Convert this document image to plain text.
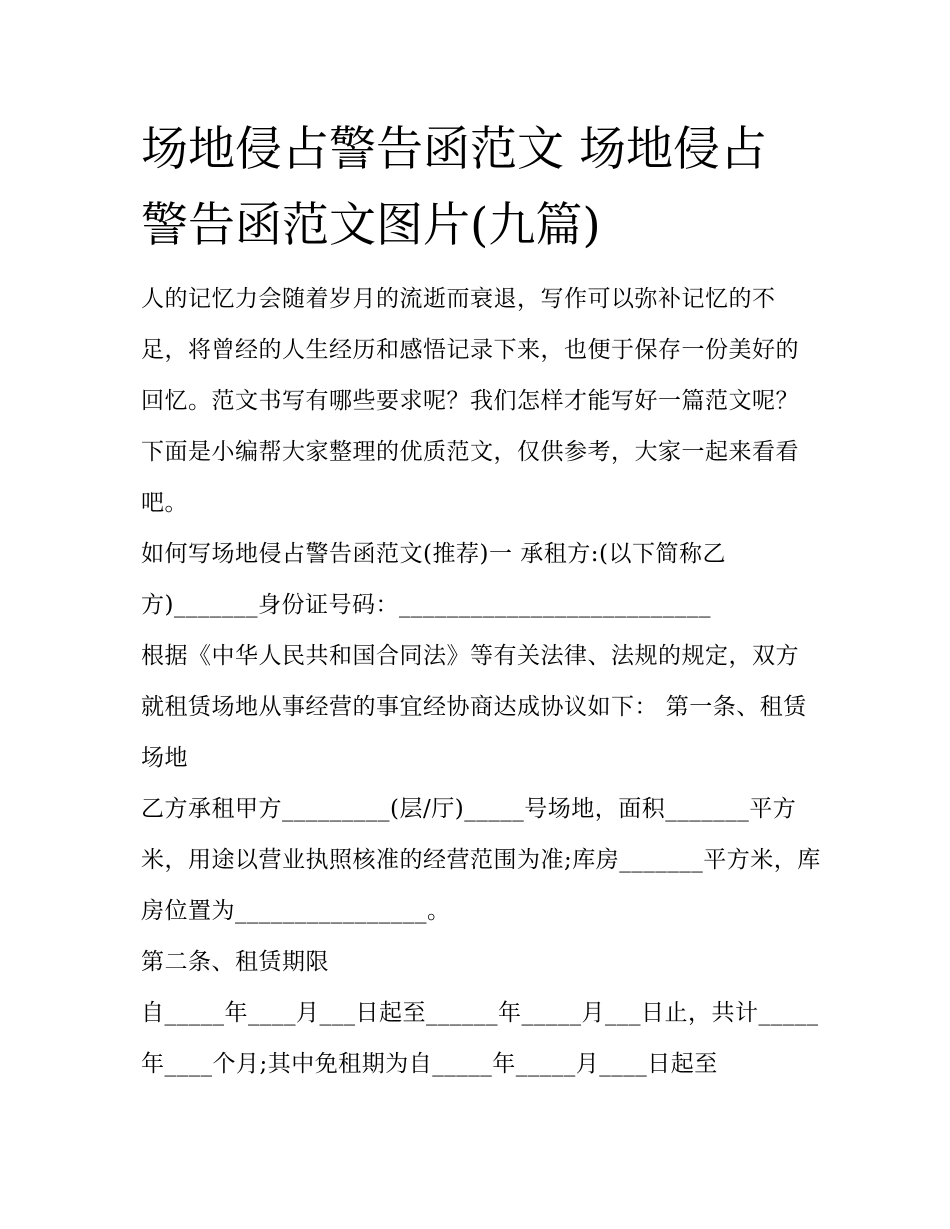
场地侵占警告函范文 场地侵占
警告函范文图片(九篇)

人的记忆力会随着岁月的流逝而衰退，写作可以弥补记忆的不足，将曾经的人生经历和感悟记录下来，也便于保存一份美好的回忆。范文书写有哪些要求呢？我们怎样才能写好一篇范文呢？下面是小编帮大家整理的优质范文，仅供参考，大家一起来看看吧。

如何写场地侵占警告函范文(推荐)一 承租方:(以下简称乙

方)_______身份证号码：__________________________

根据《中华人民共和国合同法》等有关法律、法规的规定，双方就租赁场地从事经营的事宜经协商达成协议如下： 第一条、租赁场地

乙方承租甲方_________(层/厅)_____号场地，面积_______平方米，用途以营业执照核准的经营范围为准;库房_______平方米，库房位置为________________。

第二条、租赁期限

自_____年____月___日起至______年_____月___日止，共计_____年____个月;其中免租期为自_____年_____月____日起至
